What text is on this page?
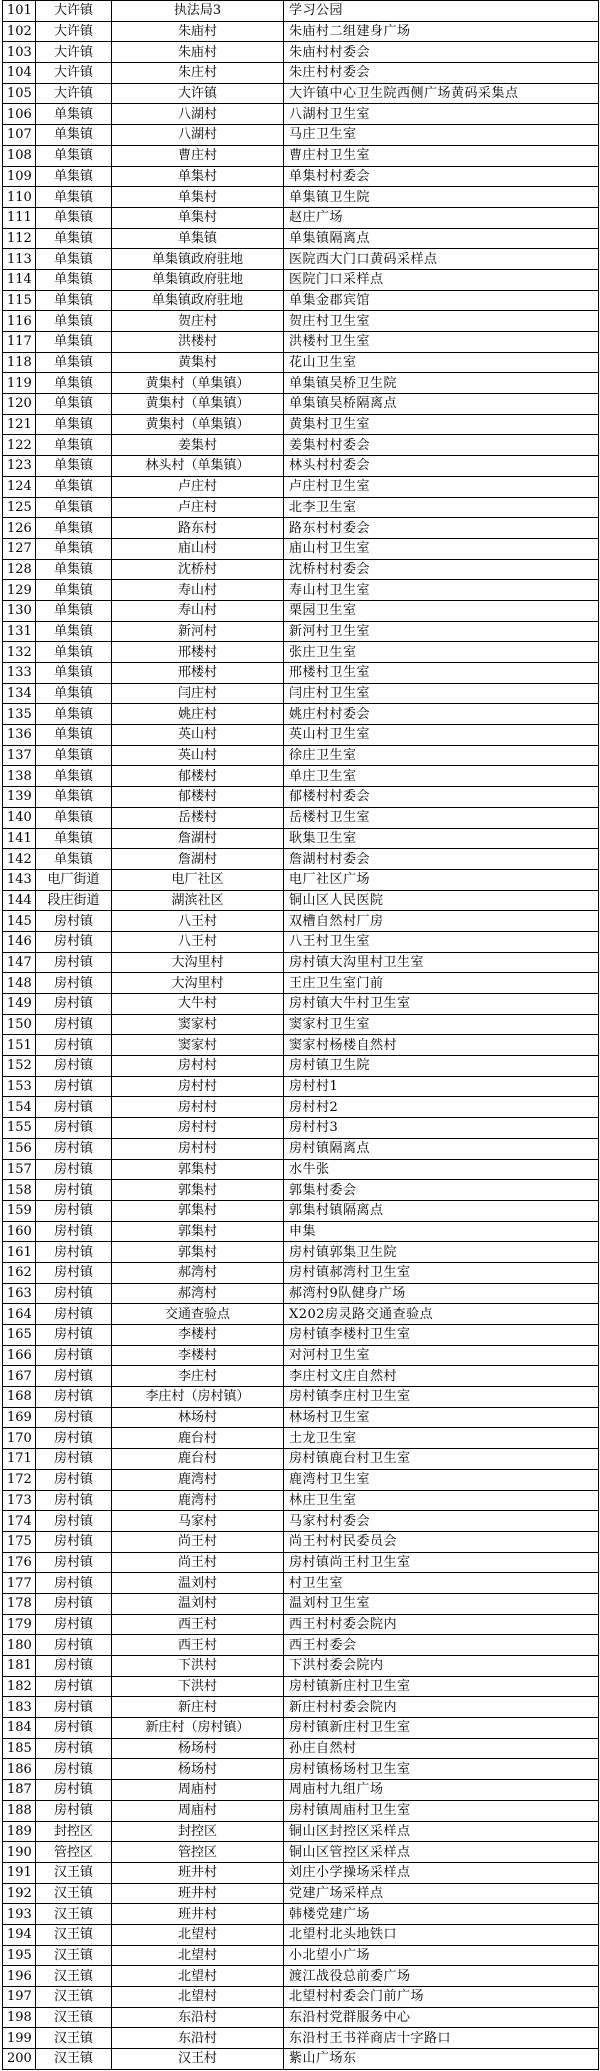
101	大许镇	执法局3	学习公园
102	大许镇	朱庙村	朱庙村二组建身广场
103	大许镇	朱庙村	朱庙村村委会
104	大许镇	朱庄村	朱庄村村委会
105	大许镇	大许镇	大许镇中心卫生院西侧广场黄码采集点
106	单集镇	八湖村	八湖村卫生室
107	单集镇	八湖村	马庄卫生室
108	单集镇	曹庄村	曹庄村卫生室
109	单集镇	单集村	单集村村委会
110	单集镇	单集村	单集镇卫生院
111	单集镇	单集村	赵庄广场
112	单集镇	单集镇	单集镇隔离点
113	单集镇	单集镇政府驻地	医院西大门口黄码采样点
114	单集镇	单集镇政府驻地	医院门口采样点
115	单集镇	单集镇政府驻地	单集金郡宾馆
116	单集镇	贺庄村	贺庄村卫生室
117	单集镇	洪楼村	洪楼村卫生室
118	单集镇	黄集村	花山卫生室
119	单集镇	黄集村（单集镇）	单集镇吴桥卫生院
120	单集镇	黄集村（单集镇）	单集镇吴桥隔离点
121	单集镇	黄集村（单集镇）	黄集村卫生室
122	单集镇	姜集村	姜集村村委会
123	单集镇	林头村（单集镇）	林头村村委会
124	单集镇	卢庄村	卢庄村卫生室
125	单集镇	卢庄村	北李卫生室
126	单集镇	路东村	路东村村委会
127	单集镇	庙山村	庙山村卫生室
128	单集镇	沈桥村	沈桥村村委会
129	单集镇	寿山村	寿山村卫生室
130	单集镇	寿山村	栗园卫生室
131	单集镇	新河村	新河村卫生室
132	单集镇	邢楼村	张庄卫生室
133	单集镇	邢楼村	邢楼村卫生室
134	单集镇	闫庄村	闫庄村卫生室
135	单集镇	姚庄村	姚庄村村委会
136	单集镇	英山村	英山村卫生室
137	单集镇	英山村	徐庄卫生室
138	单集镇	郁楼村	单庄卫生室
139	单集镇	郁楼村	郁楼村村委会
140	单集镇	岳楼村	岳楼村卫生室
141	单集镇	詹湖村	耿集卫生室
142	单集镇	詹湖村	詹湖村村委会
143	电厂街道	电厂社区	电厂社区广场
144	段庄街道	湖滨社区	铜山区人民医院
145	房村镇	八王村	双槽自然村厂房
146	房村镇	八王村	八王村卫生室
147	房村镇	大沟里村	房村镇大沟里村卫生室
148	房村镇	大沟里村	王庄卫生室门前
149	房村镇	大牛村	房村镇大牛村卫生室
150	房村镇	窦家村	窦家村卫生室
151	房村镇	窦家村	窦家村杨楼自然村
152	房村镇	房村村	房村镇卫生院
153	房村镇	房村村	房村村1
154	房村镇	房村村	房村村2
155	房村镇	房村村	房村村3
156	房村镇	房村村	房村镇隔离点
157	房村镇	郭集村	水牛张
158	房村镇	郭集村	郭集村委会
159	房村镇	郭集村	郭集村镇隔离点
160	房村镇	郭集村	申集
161	房村镇	郭集村	房村镇郭集卫生院
162	房村镇	郝湾村	房村镇郝湾村卫生室
163	房村镇	郝湾村	郝湾村9队健身广场
164	房村镇	交通查验点	X202房灵路交通查验点
165	房村镇	李楼村	房村镇李楼村卫生室
166	房村镇	李楼村	对河村卫生室
167	房村镇	李庄村	李庄村文庄自然村
168	房村镇	李庄村（房村镇）	房村镇李庄村卫生室
169	房村镇	林场村	林场村卫生室
170	房村镇	鹿台村	土龙卫生室
171	房村镇	鹿台村	房村镇鹿台村卫生室
172	房村镇	鹿湾村	鹿湾村卫生室
173	房村镇	鹿湾村	林庄卫生室
174	房村镇	马家村	马家村村委会
175	房村镇	尚王村	尚王村村民委员会
176	房村镇	尚王村	房村镇尚王村卫生室
177	房村镇	温刘村	村卫生室
178	房村镇	温刘村	温刘村卫生室
179	房村镇	西王村	西王村村委会院内
180	房村镇	西王村	西王村委会
181	房村镇	下洪村	下洪村委会院内
182	房村镇	下洪村	房村镇新庄村卫生室
183	房村镇	新庄村	新庄村村委会院内
184	房村镇	新庄村（房村镇）	房村镇新庄村卫生室
185	房村镇	杨场村	孙庄自然村
186	房村镇	杨场村	房村镇杨场村卫生室
187	房村镇	周庙村	周庙村九组广场
188	房村镇	周庙村	房村镇周庙村卫生室
189	封控区	封控区	铜山区封控区采样点
190	管控区	管控区	铜山区管控区采样点
191	汉王镇	班井村	刘庄小学操场采样点
192	汉王镇	班井村	党建广场采样点
193	汉王镇	班井村	韩楼党建广场
194	汉王镇	北望村	北望村北头地铁口
195	汉王镇	北望村	小北望小广场
196	汉王镇	北望村	渡江战役总前委广场
197	汉王镇	北望村	北望村村委会门前广场
198	汉王镇	东沿村	东沿村党群服务中心
199	汉王镇	东沿村	东沿村王书祥商店十字路口
200	汉王镇	汉王村	紫山广场东
